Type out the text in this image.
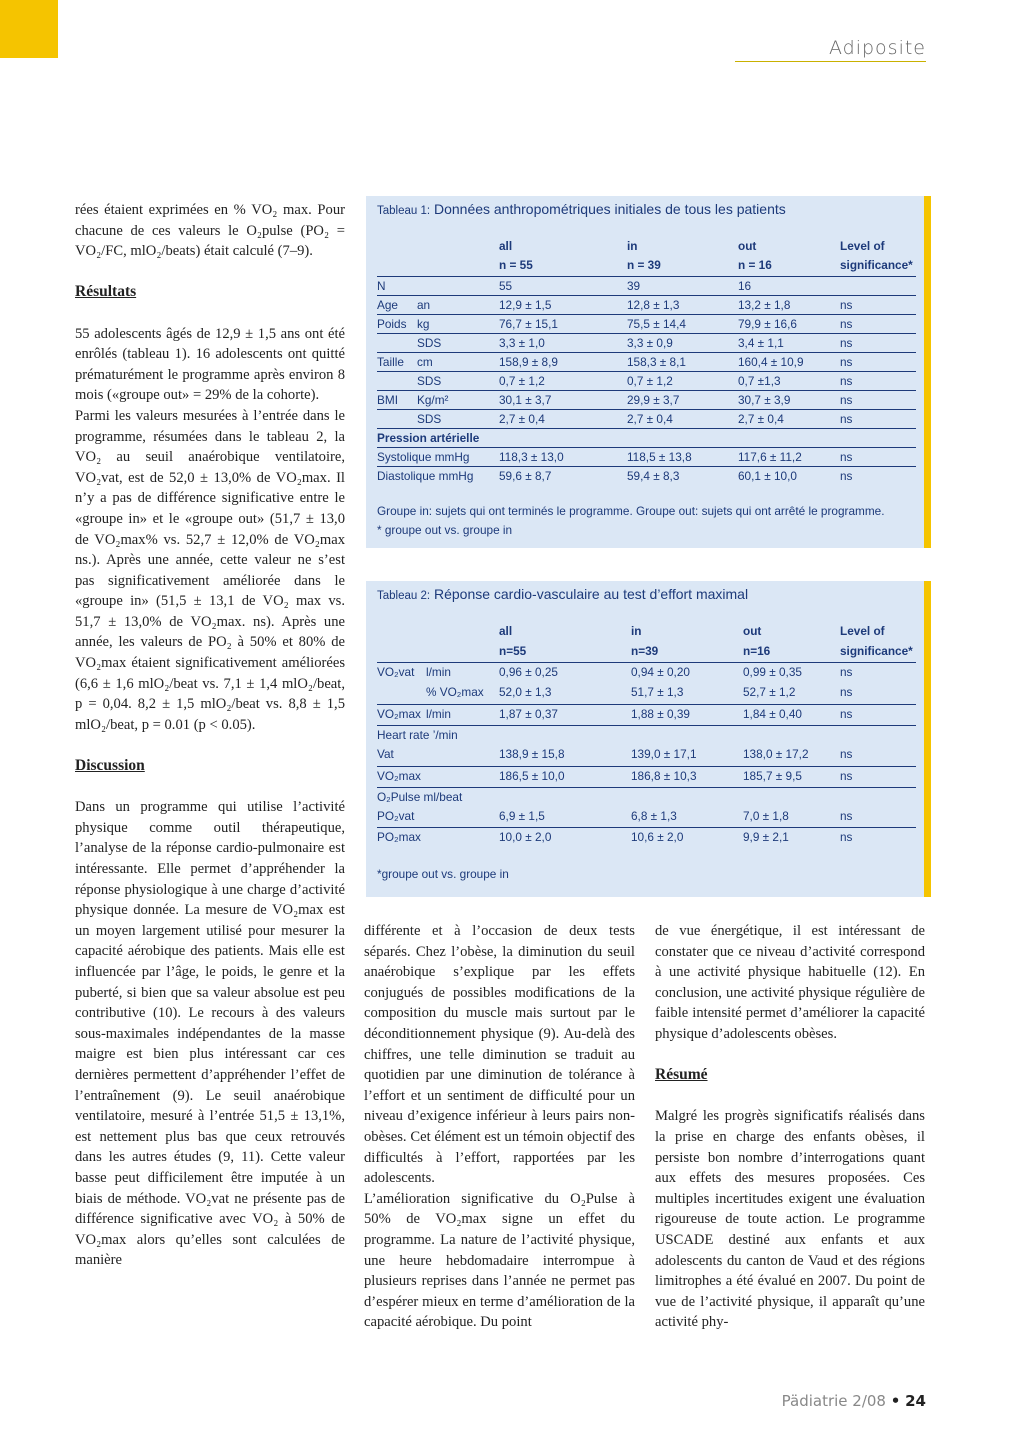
Adiposite

rées étaient exprimées en % VO₂ max. Pour chacune de ces valeurs le O₂pulse (PO₂ = VO₂/FC, mlO₂/beats) était calculé (7–9).

Résultats

55 adolescents âgés de 12,9 ± 1,5 ans ont été enrôlés (tableau 1). 16 adolescents ont quitté prématurément le programme après environ 8 mois («groupe out» = 29% de la cohorte).

Parmi les valeurs mesurées à l’entrée dans le programme, résumées dans le tableau 2, la VO₂ au seuil anaérobique ventilatoire, VO₂vat, est de 52,0 ± 13,0% de VO₂max. Il n’y a pas de différence significative entre le «groupe in» et le «groupe out» (51,7 ± 13,0 de VO₂max% vs. 52,7 ± 12,0% de VO₂max ns.). Après une année, cette valeur ne s’est pas significativement améliorée dans le «groupe in» (51,5 ± 13,1 de VO₂ max vs. 51,7 ± 13,0% de VO₂max. ns). Après une année, les valeurs de PO₂ à 50% et 80% de VO₂max étaient significativement améliorées (6,6 ± 1,6 mlO₂/beat vs. 7,1 ± 1,4 mlO₂/beat, p = 0,04. 8,2 ± 1,5 mlO₂/beat vs. 8,8 ± 1,5 mlO₂/beat, p = 0.01 (p < 0.05).

Discussion

Dans un programme qui utilise l’activité physique comme outil thérapeutique, l’analyse de la réponse cardio-pulmonaire est intéressante. Elle permet d’appréhender la réponse physiologique à une charge d’activité physique donnée. La mesure de VO₂max est un moyen largement utilisé pour mesurer la capacité aérobique des patients. Mais elle est influencée par l’âge, le poids, le genre et la puberté, si bien que sa valeur absolue est peu contributive (10). Le recours à des valeurs sous-maximales indépendantes de la masse maigre est bien plus intéressant car ces dernières permettent d’appréhender l’effet de l’entraînement (9). Le seuil anaérobique ventilatoire, mesuré à l’entrée 51,5 ± 13,1%, est nettement plus bas que ceux retrouvés dans les autres études (9, 11). Cette valeur basse peut difficilement être imputée à un biais de méthode. VO₂vat ne présente pas de différence significative avec VO₂ à 50% de VO₂max alors qu’elles sont calculées de manière

différente et à l’occasion de deux tests séparés. Chez l’obèse, la diminution du seuil anaérobique s’explique par les effets conjugués de possibles modifications de la composition du muscle mais surtout par le déconditionnement physique (9). Au-delà des chiffres, une telle diminution se traduit au quotidien par une diminution de tolérance à l’effort et un sentiment de difficulté pour un niveau d’exigence inférieur à leurs pairs non-obèses. Cet élément est un témoin objectif des difficultés à l’effort, rapportées par les adolescents.

L’amélioration significative du O₂Pulse à 50% de VO₂max signe un effet du programme. La nature de l’activité physique, une heure hebdomadaire interrompue à plusieurs reprises dans l’année ne permet pas d’espérer mieux en terme d’amélioration de la capacité aérobique. Du point

de vue énergétique, il est intéressant de constater que ce niveau d’activité correspond à une activité physique habituelle (12). En conclusion, une activité physique régulière de faible intensité permet d’améliorer la capacité physique d’adolescents obèses.

Résumé

Malgré les progrès significatifs réalisés dans la prise en charge des enfants obèses, il persiste bon nombre d’interrogations quant aux effets des mesures proposées. Ces multiples incertitudes exigent une évaluation rigoureuse de toute action. Le programme USCADE destiné aux enfants et aux adolescents du canton de Vaud et des régions limitrophes a été évalué en 2007. Du point de vue de l’activité physique, il apparaît qu’une activité phy-

Tableau 1: Données anthropométriques initiales de tous les patients
Groupe in: sujets qui ont terminés le programme. Groupe out: sujets qui ont arrêté le programme.
* groupe out vs. groupe in
all	in	out	Level of
n = 55	n = 39	n = 16	significance*
N	55	39	16
Age an	12,9 ± 1,5	12,8 ± 1,3	13,2 ± 1,8	ns
Poids kg	76,7 ± 15,1	75,5 ± 14,4	79,9 ± 16,6	ns
SDS	3,3 ± 1,0	3,3 ± 0,9	3,4 ± 1,1	ns
Taille cm	158,9 ± 8,9	158,3 ± 8,1	160,4 ± 10,9	ns
SDS	0,7 ± 1,2	0,7 ± 1,2	0,7 ±1,3	ns
BMI Kg/m²	30,1 ± 3,7	29,9 ± 3,7	30,7 ± 3,9	ns
SDS	2,7 ± 0,4	2,7 ± 0,4	2,7 ± 0,4	ns
Pression artérielle
Systolique mmHg	118,3 ± 13,0	118,5 ± 13,8	117,6 ± 11,2	ns
Diastolique mmHg 59,6 ± 8,7	59,4 ± 8,3	60,1 ± 10,0	ns
Tableau 2: Réponse cardio-vasculaire au test d’effort maximal
*groupe out vs. groupe in
all	in	out	Level of
n=55	n=39	n=16	significance*
VO₂vat l/min	0,96 ± 0,25	0,94 ± 0,20	0,99 ± 0,35	ns
% VO₂max 52,0 ± 1,3	51,7 ± 1,3	52,7 ± 1,2	ns
VO₂max l/min	1,87 ± 0,37	1,88 ± 0,39	1,84 ± 0,40	ns
Heart rate ’/min
Vat	138,9 ± 15,8	139,0 ± 17,1	138,0 ± 17,2	ns
VO₂max	186,5 ± 10,0	186,8 ± 10,3	185,7 ± 9,5	ns
O₂Pulse ml/beat
PO₂vat	6,9 ± 1,5	6,8 ± 1,3	7,0 ± 1,8	ns
PO₂max	10,0 ± 2,0	10,6 ± 2,0	9,9 ± 2,1	ns
Pädiatrie 2/08 • 24
